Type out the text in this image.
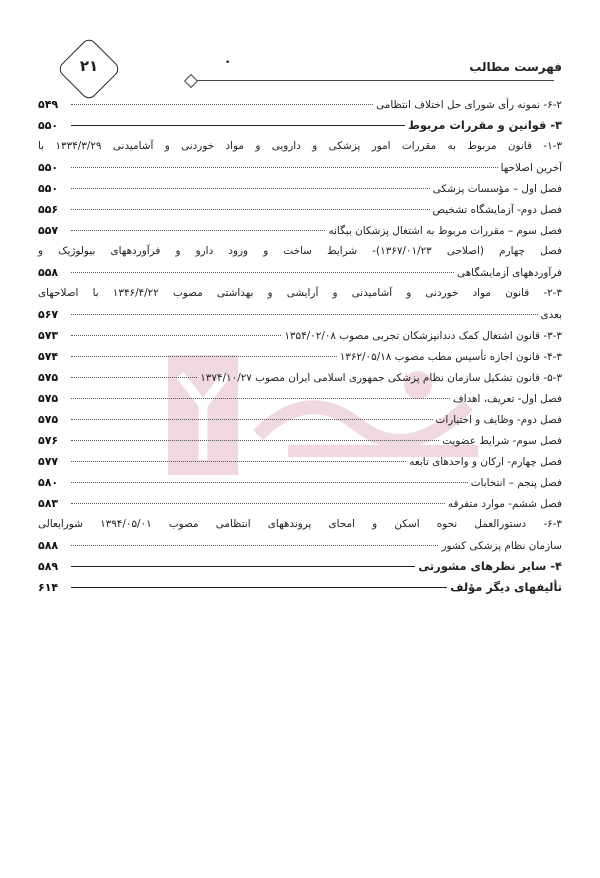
فهرست مطالب
•
۲۱
۶-۲- نمونه رأی شورای حل اختلاف انتظامی
۵۴۹
۳- قوانین و مقررات مربوط
۵۵۰
۱-۳- قانون مربوط به مقررات امور پزشکی و دارویی و مواد خوردنی و آشامیدنی ۱۳۳۴/۳/۲۹ با
آخرین اصلاحها
۵۵۰
فصل اول – مؤسسات پزشکی
۵۵۰
فصل دوم- آزمایشگاه تشخیص
۵۵۶
فصل سوم – مقررات مربوط به اشتغال پزشکان بیگانه
۵۵۷
فصل چهارم (اصلاحی ۱۳۶۷/۰۱/۲۳)- شرایط ساخت و ورود دارو و فرآوردههای بیولوژیک و
فرآوردههای آزمایشگاهی
۵۵۸
۲-۳- قانون مواد خوردنی و آشامیدنی و آرایشی و بهداشتی مصوب ۱۳۴۶/۴/۲۲ با اصلاحهای
بعدی
۵۶۷
۳-۳- قانون اشتغال کمک دندانپزشکان تجربی مصوب ۱۳۵۴/۰۲/۰۸
۵۷۳
۴-۳- قانون اجازه تأسیس مطب مصوب ۱۳۶۲/۰۵/۱۸
۵۷۴
۵-۳- قانون تشکیل سازمان نظام پزشکی جمهوری اسلامی ایران مصوب ۱۳۷۴/۱۰/۲۷
۵۷۵
فصل اول- تعریف، اهداف
۵۷۵
فصل دوم- وظایف و اختیارات
۵۷۵
فصل سوم- شرایط عضویت
۵۷۶
فصل چهارم- ارکان و واحدهای تابعه
۵۷۷
فصل پنجم – انتخابات
۵۸۰
فصل ششم- موارد متفرقه
۵۸۳
۶-۳- دستورالعمل نحوه اسکن و امحای پروندههای انتظامی مصوب ۱۳۹۴/۰۵/۰۱ شورایعالی
سازمان نظام پزشکی کشور
۵۸۸
۴- سایر نظرهای مشورتی
۵۸۹
تألیفهای دیگر مؤلف
۶۱۴
